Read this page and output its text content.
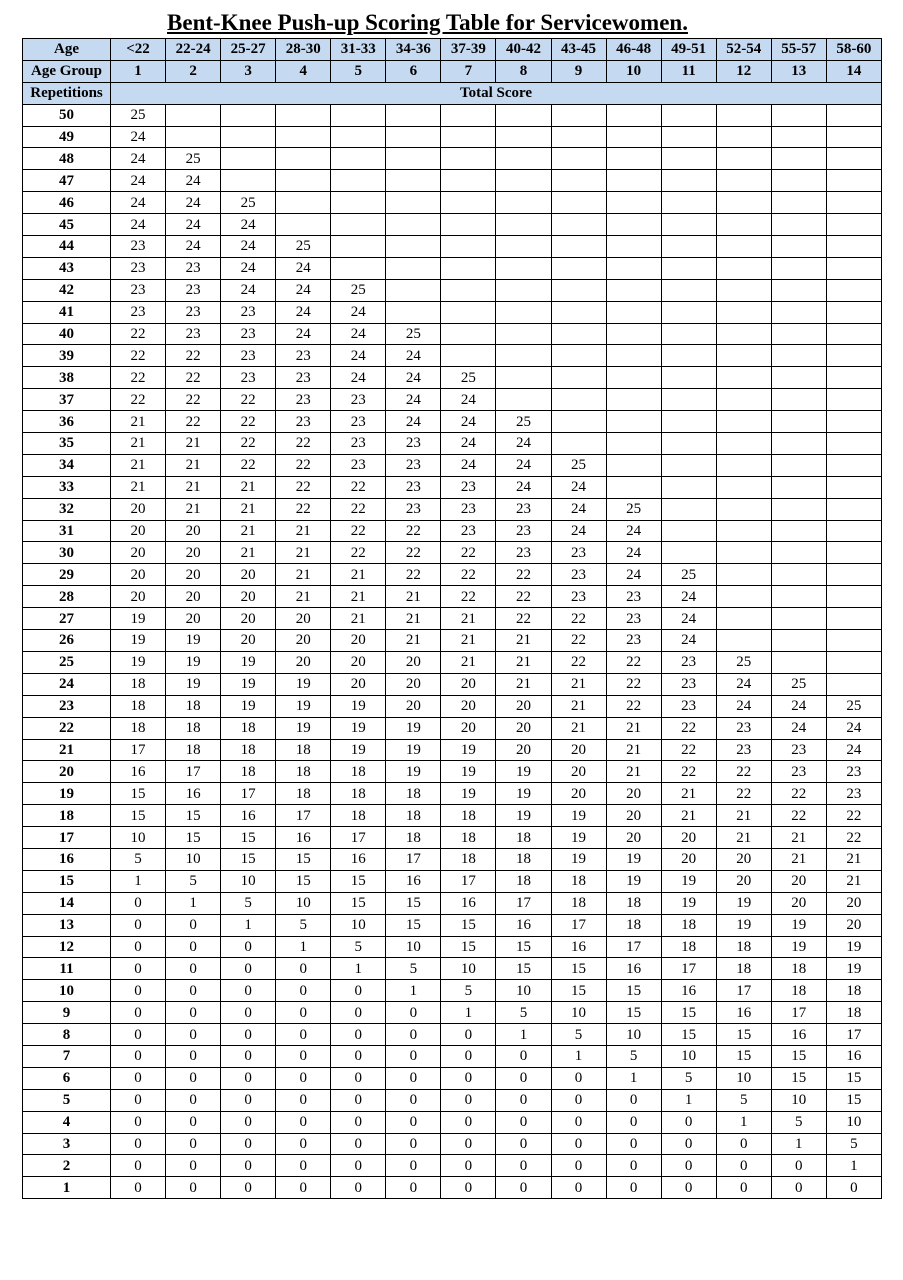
Bent-Knee Push-up Scoring Table for Servicewomen.
Age	<22	22-24	25-27	28-30	31-33	34-36	37-39	40-42	43-45	46-48	49-51	52-54	55-57	58-60
Age Group	1	2	3	4	5	6	7	8	9	10	11	12	13	14
Repetitions	Total Score													
50	25													
49	24													
48	24	25												
47	24	24												
46	24	24	25											
45	24	24	24											
44	23	24	24	25										
43	23	23	24	24										
42	23	23	24	24	25									
41	23	23	23	24	24									
40	22	23	23	24	24	25								
39	22	22	23	23	24	24								
38	22	22	23	23	24	24	25							
37	22	22	22	23	23	24	24							
36	21	22	22	23	23	24	24	25						
35	21	21	22	22	23	23	24	24						
34	21	21	22	22	23	23	24	24	25					
33	21	21	21	22	22	23	23	24	24					
32	20	21	21	22	22	23	23	23	24	25				
31	20	20	21	21	22	22	23	23	24	24				
30	20	20	21	21	22	22	22	23	23	24				
29	20	20	20	21	21	22	22	22	23	24	25			
28	20	20	20	21	21	21	22	22	23	23	24			
27	19	20	20	20	21	21	21	22	22	23	24			
26	19	19	20	20	20	21	21	21	22	23	24			
25	19	19	19	20	20	20	21	21	22	22	23	25		
24	18	19	19	19	20	20	20	21	21	22	23	24	25	
23	18	18	19	19	19	20	20	20	21	22	23	24	24	25
22	18	18	18	19	19	19	20	20	21	21	22	23	24	24
21	17	18	18	18	19	19	19	20	20	21	22	23	23	24
20	16	17	18	18	18	19	19	19	20	21	22	22	23	23
19	15	16	17	18	18	18	19	19	20	20	21	22	22	23
18	15	15	16	17	18	18	18	19	19	20	21	21	22	22
17	10	15	15	16	17	18	18	18	19	20	20	21	21	22
16	5	10	15	15	16	17	18	18	19	19	20	20	21	21
15	1	5	10	15	15	16	17	18	18	19	19	20	20	21
14	0	1	5	10	15	15	16	17	18	18	19	19	20	20
13	0	0	1	5	10	15	15	16	17	18	18	19	19	20
12	0	0	0	1	5	10	15	15	16	17	18	18	19	19
11	0	0	0	0	1	5	10	15	15	16	17	18	18	19
10	0	0	0	0	0	1	5	10	15	15	16	17	18	18
9	0	0	0	0	0	0	1	5	10	15	15	16	17	18
8	0	0	0	0	0	0	0	1	5	10	15	15	16	17
7	0	0	0	0	0	0	0	0	1	5	10	15	15	16
6	0	0	0	0	0	0	0	0	0	1	5	10	15	15
5	0	0	0	0	0	0	0	0	0	0	1	5	10	15
4	0	0	0	0	0	0	0	0	0	0	0	1	5	10
3	0	0	0	0	0	0	0	0	0	0	0	0	1	5
2	0	0	0	0	0	0	0	0	0	0	0	0	0	1
1	0	0	0	0	0	0	0	0	0	0	0	0	0	0
